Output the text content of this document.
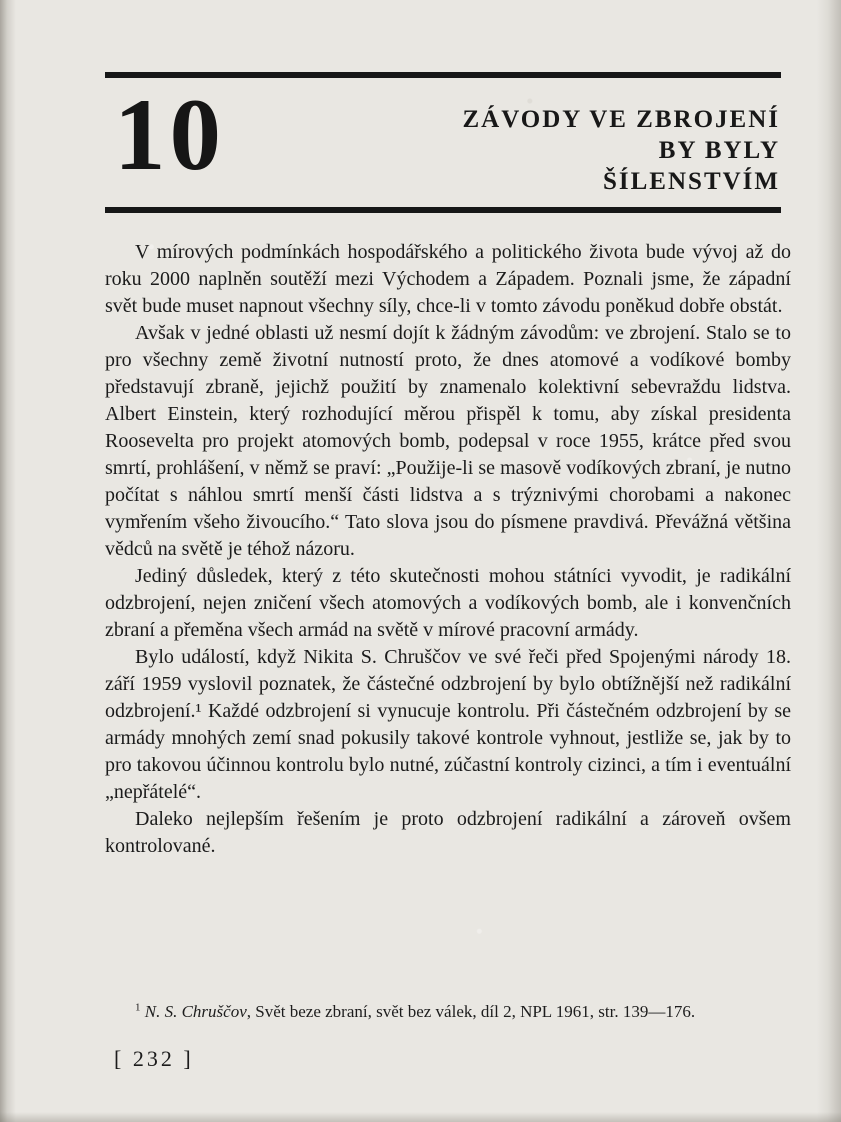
10	ZÁVODY VE ZBROJENÍ
BY BYLY
ŠÍLENSTVÍM

V mírových podmínkách hospodářského a politického života bude vývoj až do roku 2000 naplněn soutěží mezi Východem a Západem. Poznali jsme, že západní svět bude muset napnout všechny síly, chce-li v tomto závodu poněkud dobře obstát.

Avšak v jedné oblasti už nesmí dojít k žádným závodům: ve zbrojení. Stalo se to pro všechny země životní nutností proto, že dnes atomové a vodíkové bomby představují zbraně, jejichž použití by znamenalo kolektivní sebevraždu lidstva. Albert Einstein, který rozhodující měrou přispěl k tomu, aby získal presidenta Roosevelta pro projekt atomových bomb, podepsal v roce 1955, krátce před svou smrtí, prohlášení, v němž se praví: „Použije-li se masově vodíkových zbraní, je nutno počítat s náhlou smrtí menší části lidstva a s trýznivými chorobami a nakonec vymřením všeho živoucího.“ Tato slova jsou do písmene pravdivá. Převážná většina vědců na světě je téhož názoru.

Jediný důsledek, který z této skutečnosti mohou státníci vyvodit, je radikální odzbrojení, nejen zničení všech atomových a vodíkových bomb, ale i konvenčních zbraní a přeměna všech armád na světě v mírové pracovní armády.

Bylo událostí, když Nikita S. Chruščov ve své řeči před Spojenými národy 18. září 1959 vyslovil poznatek, že částečné odzbrojení by bylo obtížnější než radikální odzbrojení.¹ Každé odzbrojení si vynucuje kontrolu. Při částečném odzbrojení by se armády mnohých zemí snad pokusily takové kontrole vyhnout, jestliže se, jak by to pro takovou účinnou kontrolu bylo nutné, zúčastní kontroly cizinci, a tím i eventuální „nepřátelé“.

Daleko nejlepším řešením je proto odzbrojení radikální a zároveň ovšem kontrolované.

$^1$ N. S. Chruščov, Svět beze zbraní, svět bez válek, díl 2, NPL 1961, str. 139—176.
[ 232 ]
